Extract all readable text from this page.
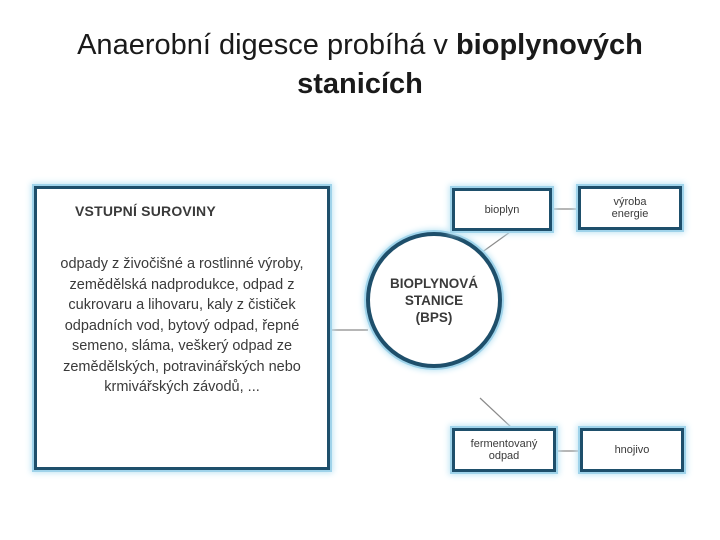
Anaerobní digesce probíhá v bioplynových stanicích
VSTUPNÍ SUROVINY
odpady z živočišné a rostlinné výroby, zemědělská nadprodukce, odpad z cukrovaru a lihovaru, kaly z čističek odpadních vod, bytový odpad, řepné semeno, sláma, veškerý odpad ze zemědělských, potravinářských nebo krmivářských závodů, ...
BIOPLYNOVÁ
STANICE
(BPS)
bioplyn
výroba energie
fermentovaný odpad	hnojivo
